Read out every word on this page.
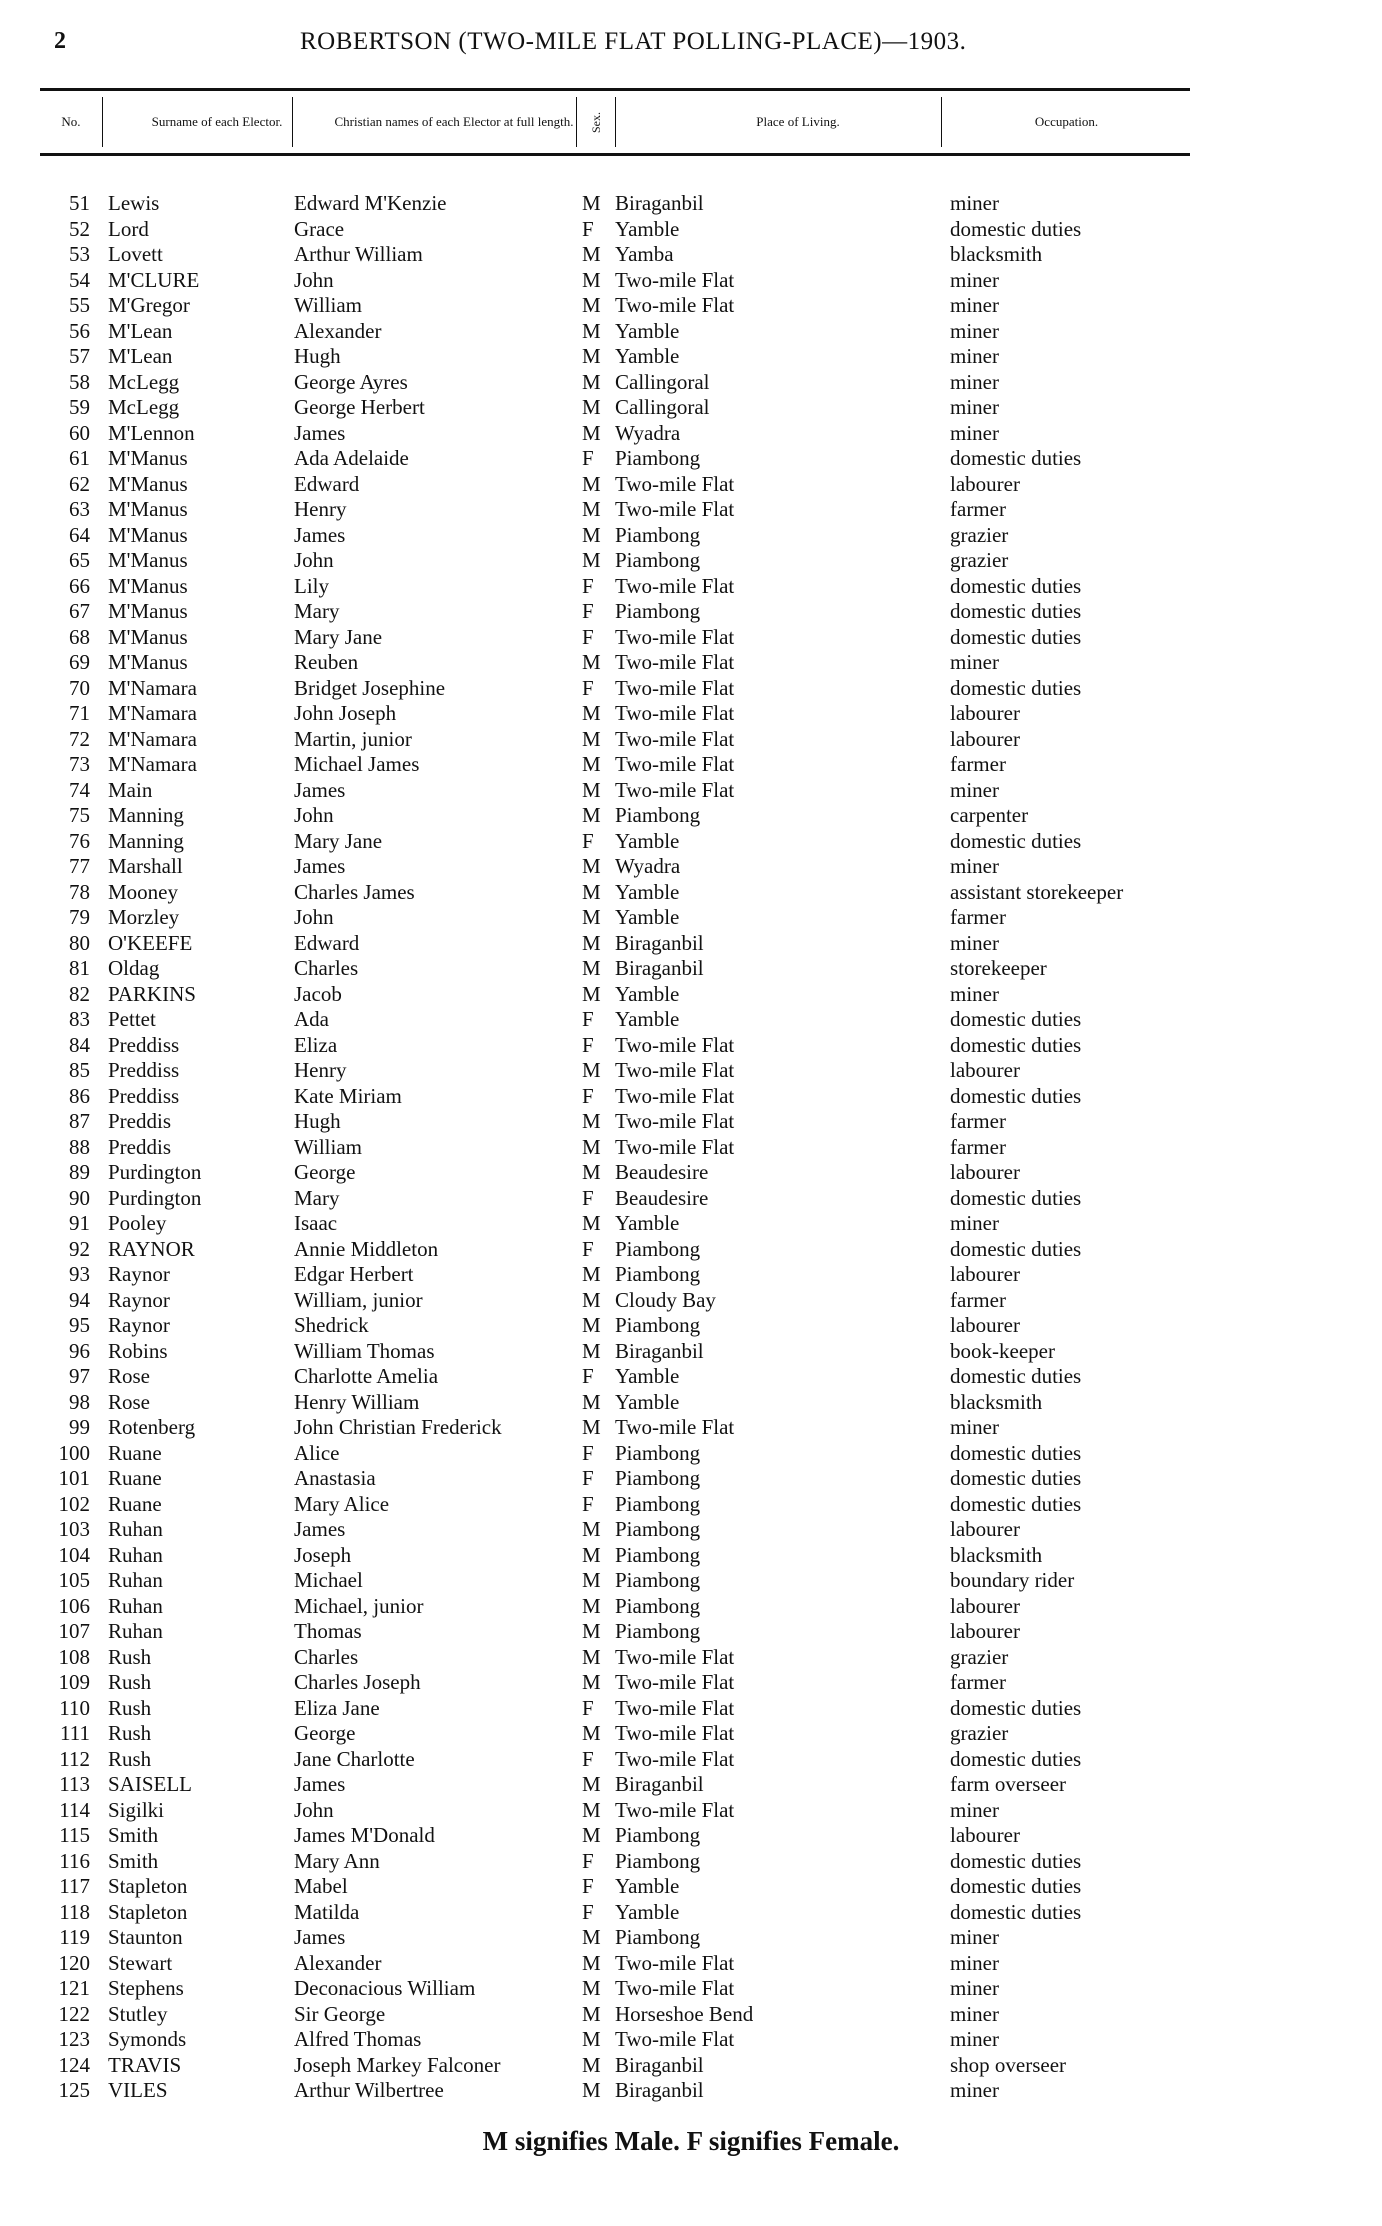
2	ROBERTSON (TWO-MILE FLAT POLLING-PLACE)—1903.
No.	Surname of each Elector.	Christian names of each Elector at full length.	Sex.	Place of Living.	Occupation.
51 Lewis	Edward M'Kenzie	M Biraganbil	miner
52 Lord	Grace	F Yamble	domestic duties
53 Lovett	Arthur William	M Yamba	blacksmith
54 M'CLURE	John	M Two-mile Flat	miner
55 M'Gregor	William	M Two-mile Flat	miner
56 M'Lean	Alexander	M Yamble	miner
57 M'Lean	Hugh	M Yamble	miner
58 McLegg	George Ayres	M Callingoral	miner
59 McLegg	George Herbert	M Callingoral	miner
60 M'Lennon	James	M Wyadra	miner
61 M'Manus	Ada Adelaide	F Piambong	domestic duties
62 M'Manus	Edward	M Two-mile Flat	labourer
63 M'Manus	Henry	M Two-mile Flat	farmer
64 M'Manus	James	M Piambong	grazier
65 M'Manus	John	M Piambong	grazier
66 M'Manus	Lily	F Two-mile Flat	domestic duties
67 M'Manus	Mary	F Piambong	domestic duties
68 M'Manus	Mary Jane	F Two-mile Flat	domestic duties
69 M'Manus	Reuben	M Two-mile Flat	miner
70 M'Namara	Bridget Josephine	F Two-mile Flat	domestic duties
71 M'Namara	John Joseph	M Two-mile Flat	labourer
72 M'Namara	Martin, junior	M Two-mile Flat	labourer
73 M'Namara	Michael James	M Two-mile Flat	farmer
74 Main	James	M Two-mile Flat	miner
75 Manning	John	M Piambong	carpenter
76 Manning	Mary Jane	F Yamble	domestic duties
77 Marshall	James	M Wyadra	miner
78 Mooney	Charles James	M Yamble	assistant storekeeper
79 Morzley	John	M Yamble	farmer
80 O'KEEFE	Edward	M Biraganbil	miner
81 Oldag	Charles	M Biraganbil	storekeeper
82 PARKINS	Jacob	M Yamble	miner
83 Pettet	Ada	F Yamble	domestic duties
84 Preddiss	Eliza	F Two-mile Flat	domestic duties
85 Preddiss	Henry	M Two-mile Flat	labourer
86 Preddiss	Kate Miriam	F Two-mile Flat	domestic duties
87 Preddis	Hugh	M Two-mile Flat	farmer
88 Preddis	William	M Two-mile Flat	farmer
89 Purdington	George	M Beaudesire	labourer
90 Purdington	Mary	F Beaudesire	domestic duties
91 Pooley	Isaac	M Yamble	miner
92 RAYNOR	Annie Middleton	F Piambong	domestic duties
93 Raynor	Edgar Herbert	M Piambong	labourer
94 Raynor	William, junior	M Cloudy Bay	farmer
95 Raynor	Shedrick	M Piambong	labourer
96 Robins	William Thomas	M Biraganbil	book-keeper
97 Rose	Charlotte Amelia	F Yamble	domestic duties
98 Rose	Henry William	M Yamble	blacksmith
99 Rotenberg	John Christian Frederick	M Two-mile Flat	miner
100 Ruane	Alice	F Piambong	domestic duties
101 Ruane	Anastasia	F Piambong	domestic duties
102 Ruane	Mary Alice	F Piambong	domestic duties
103 Ruhan	James	M Piambong	labourer
104 Ruhan	Joseph	M Piambong	blacksmith
105 Ruhan	Michael	M Piambong	boundary rider
106 Ruhan	Michael, junior	M Piambong	labourer
107 Ruhan	Thomas	M Piambong	labourer
108 Rush	Charles	M Two-mile Flat	grazier
109 Rush	Charles Joseph	M Two-mile Flat	farmer
110 Rush	Eliza Jane	F Two-mile Flat	domestic duties
111 Rush	George	M Two-mile Flat	grazier
112 Rush	Jane Charlotte	F Two-mile Flat	domestic duties
113 SAISELL	James	M Biraganbil	farm overseer
114 Sigilki	John	M Two-mile Flat	miner
115 Smith	James M'Donald	M Piambong	labourer
116 Smith	Mary Ann	F Piambong	domestic duties
117 Stapleton	Mabel	F Yamble	domestic duties
118 Stapleton	Matilda	F Yamble	domestic duties
119 Staunton	James	M Piambong	miner
120 Stewart	Alexander	M Two-mile Flat	miner
121 Stephens	Deconacious William	M Two-mile Flat	miner
122 Stutley	Sir George	M Horseshoe Bend	miner
123 Symonds	Alfred Thomas	M Two-mile Flat	miner
124 TRAVIS	Joseph Markey Falconer	M Biraganbil	shop overseer
125 VILES	Arthur Wilbertree	M Biraganbil	miner
M signifies Male. F signifies Female.
